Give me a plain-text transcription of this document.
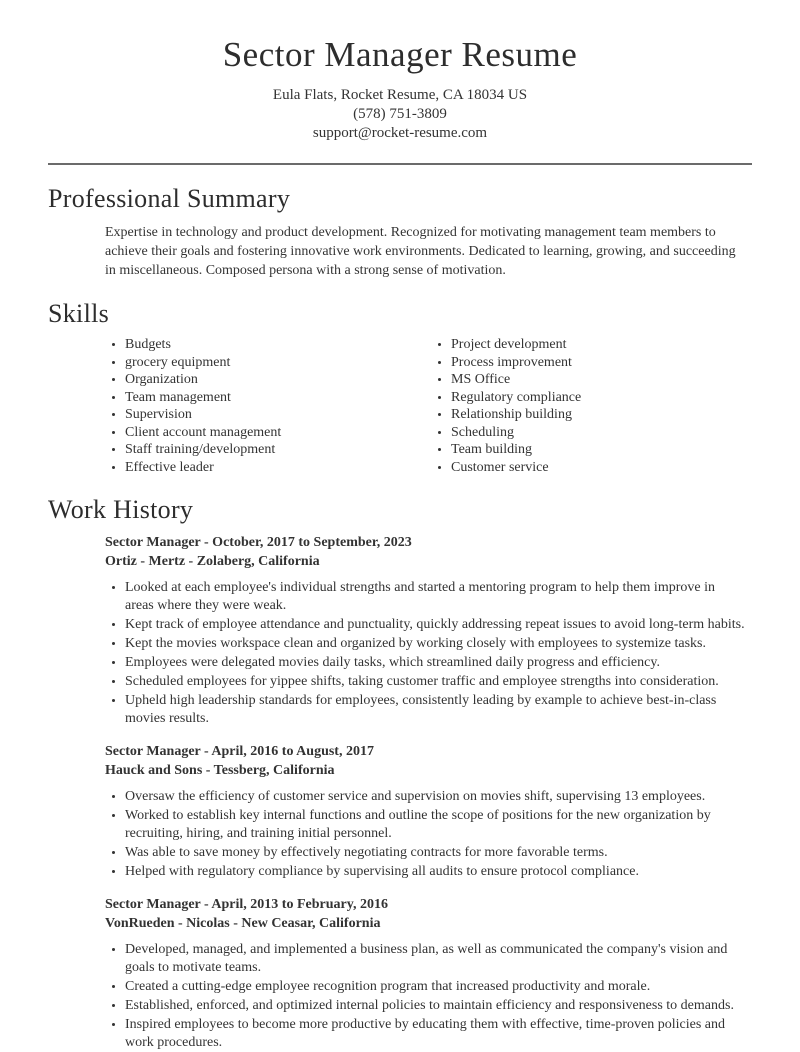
Sector Manager Resume
Eula Flats, Rocket Resume, CA 18034 US
(578) 751-3809
support@rocket-resume.com
Professional Summary

Expertise in technology and product development. Recognized for motivating management team members to achieve their goals and fostering innovative work environments. Dedicated to learning, growing, and succeeding in miscellaneous. Composed persona with a strong sense of motivation.

Skills
• Budgets
• grocery equipment
• Organization
• Team management
• Supervision
• Client account management
• Staff training/development
• Effective leader
• Project development
• Process improvement
• MS Office
• Regulatory compliance
• Relationship building
• Scheduling
• Team building
• Customer service
Work History
Sector Manager - October, 2017 to September, 2023
Ortiz - Mertz - Zolaberg, California
• Looked at each employee's individual strengths and started a mentoring program to help them improve in areas where they were weak.
• Kept track of employee attendance and punctuality, quickly addressing repeat issues to avoid long-term habits.
• Kept the movies workspace clean and organized by working closely with employees to systemize tasks.
• Employees were delegated movies daily tasks, which streamlined daily progress and efficiency.
• Scheduled employees for yippee shifts, taking customer traffic and employee strengths into consideration.
• Upheld high leadership standards for employees, consistently leading by example to achieve best-in-class movies results.
Sector Manager - April, 2016 to August, 2017
Hauck and Sons - Tessberg, California
• Oversaw the efficiency of customer service and supervision on movies shift, supervising 13 employees.
• Worked to establish key internal functions and outline the scope of positions for the new organization by recruiting, hiring, and training initial personnel.
• Was able to save money by effectively negotiating contracts for more favorable terms.
• Helped with regulatory compliance by supervising all audits to ensure protocol compliance.
Sector Manager - April, 2013 to February, 2016
VonRueden - Nicolas - New Ceasar, California
• Developed, managed, and implemented a business plan, as well as communicated the company's vision and goals to motivate teams.
• Created a cutting-edge employee recognition program that increased productivity and morale.
• Established, enforced, and optimized internal policies to maintain efficiency and responsiveness to demands.
• Inspired employees to become more productive by educating them with effective, time-proven policies and work procedures.
